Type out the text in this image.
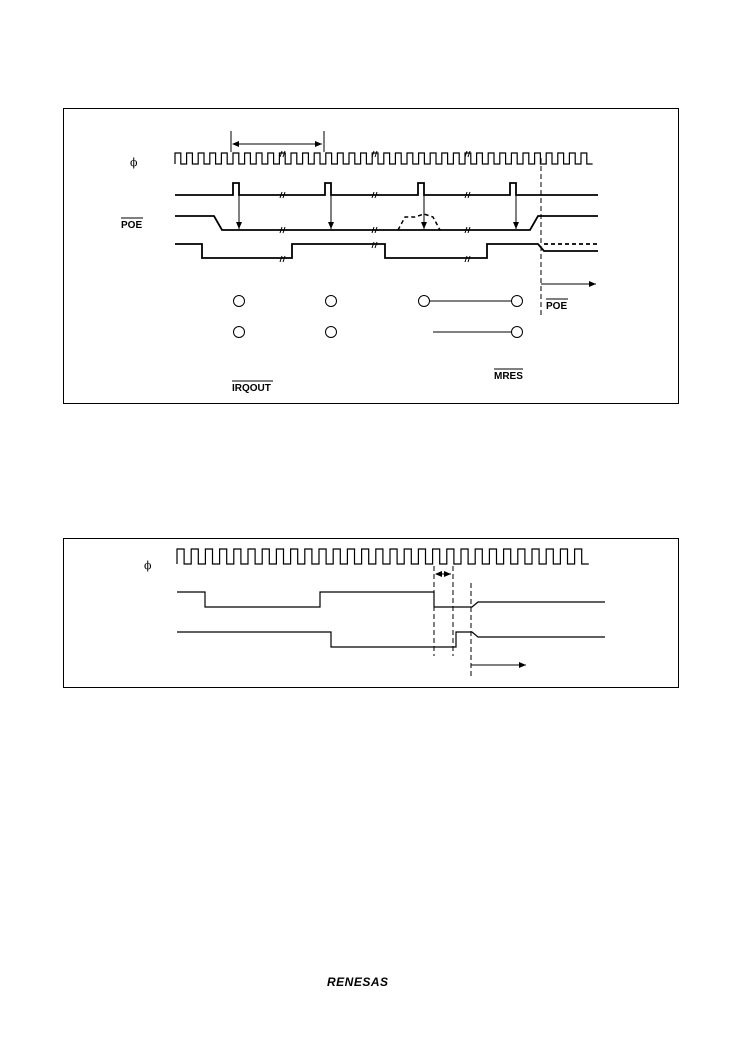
ϕ
POE
POE
MRES
IRQOUT
ϕ
RENESAS
